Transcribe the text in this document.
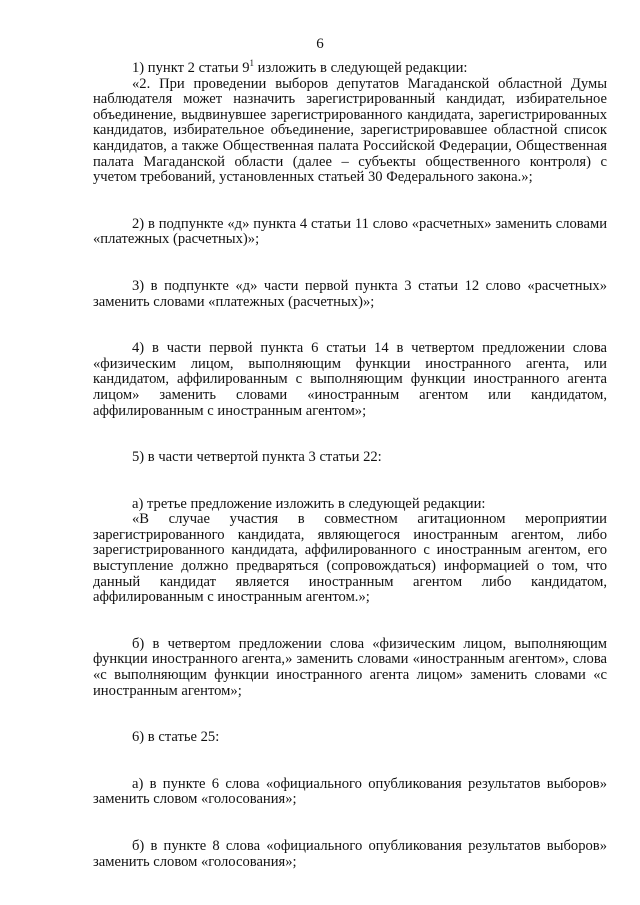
6

1) пункт 2 статьи $9^1$ изложить в следующей редакции:

«2. При проведении выборов депутатов Магаданской областной Думы наблюдателя может назначить зарегистрированный кандидат, избирательное объединение, выдвинувшее зарегистрированного кандидата, зарегистрированных кандидатов, избирательное объединение, зарегистрировавшее областной список кандидатов, а также Общественная палата Российской Федерации, Общественная палата Магаданской области (далее – субъекты общественного контроля) с учетом требований, установленных статьей 30 Федерального закона.»;

2) в подпункте «д» пункта 4 статьи 11 слово «расчетных» заменить словами «платежных (расчетных)»;

3) в подпункте «д» части первой пункта 3 статьи 12 слово «расчетных» заменить словами «платежных (расчетных)»;

4) в части первой пункта 6 статьи 14 в четвертом предложении слова «физическим лицом, выполняющим функции иностранного агента, или кандидатом, аффилированным с выполняющим функции иностранного агента лицом» заменить словами «иностранным агентом или кандидатом, аффилированным с иностранным агентом»;

5) в части четвертой пункта 3 статьи 22:

а) третье предложение изложить в следующей редакции:

«В случае участия в совместном агитационном мероприятии зарегистрированного кандидата, являющегося иностранным агентом, либо зарегистрированного кандидата, аффилированного с иностранным агентом, его выступление должно предваряться (сопровождаться) информацией о том, что данный кандидат является иностранным агентом либо кандидатом, аффилированным с иностранным агентом.»;

б) в четвертом предложении слова «физическим лицом, выполняющим функции иностранного агента,» заменить словами «иностранным агентом», слова «с выполняющим функции иностранного агента лицом» заменить словами «с иностранным агентом»;

6) в статье 25:

а) в пункте 6 слова «официального опубликования результатов выборов» заменить словом «голосования»;

б) в пункте 8 слова «официального опубликования результатов выборов» заменить словом «голосования»;
